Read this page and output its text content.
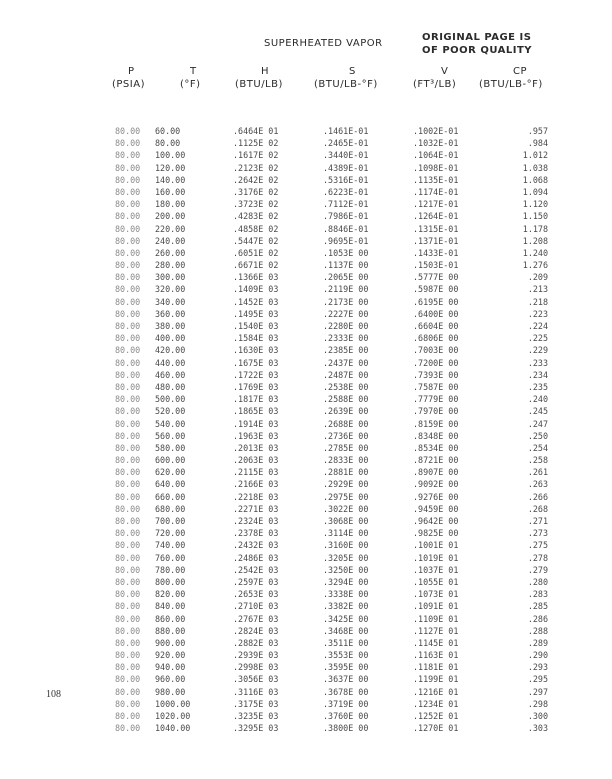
SUPERHEATED VAPOR
ORIGINAL PAGE IS
OF POOR QUALITY
P
(PSIA)
T
(°F)
H
(BTU/LB)
S
(BTU/LB-°F)
V
(FT³/LB)
CP
(BTU/LB-°F)
80.00 60.00	.6464E 01	.1461E-01	.1002E-01	.957
80.00 80.00	.1125E 02	.2465E-01	.1032E-01	.984
80.00 100.00	.1617E 02	.3440E-01	.1064E-01	1.012
80.00 120.00	.2123E 02	.4389E-01	.1098E-01	1.038
80.00 140.00	.2642E 02	.5316E-01	.1135E-01	1.068
80.00 160.00	.3176E 02	.6223E-01	.1174E-01	1.094
80.00 180.00	.3723E 02	.7112E-01	.1217E-01	1.120
80.00 200.00	.4283E 02	.7986E-01	.1264E-01	1.150
80.00 220.00	.4858E 02	.8846E-01	.1315E-01	1.178
80.00 240.00	.5447E 02	.9695E-01	.1371E-01	1.208
80.00 260.00	.6051E 02	.1053E 00	.1433E-01	1.240
80.00 280.00	.6671E 02	.1137E 00	.1503E-01	1.276
80.00 300.00	.1366E 03	.2065E 00	.5777E 00	.209
80.00 320.00	.1409E 03	.2119E 00	.5987E 00	.213
80.00 340.00	.1452E 03	.2173E 00	.6195E 00	.218
80.00 360.00	.1495E 03	.2227E 00	.6400E 00	.223
80.00 380.00	.1540E 03	.2280E 00	.6604E 00	.224
80.00 400.00	.1584E 03	.2333E 00	.6806E 00	.225
80.00 420.00	.1630E 03	.2385E 00	.7003E 00	.229
80.00 440.00	.1675E 03	.2437E 00	.7200E 00	.233
80.00 460.00	.1722E 03	.2487E 00	.7393E 00	.234
80.00 480.00	.1769E 03	.2538E 00	.7587E 00	.235
80.00 500.00	.1817E 03	.2588E 00	.7779E 00	.240
80.00 520.00	.1865E 03	.2639E 00	.7970E 00	.245
80.00 540.00	.1914E 03	.2688E 00	.8159E 00	.247
80.00 560.00	.1963E 03	.2736E 00	.8348E 00	.250
80.00 580.00	.2013E 03	.2785E 00	.8534E 00	.254
80.00 600.00	.2063E 03	.2833E 00	.8721E 00	.258
80.00 620.00	.2115E 03	.2881E 00	.8907E 00	.261
80.00 640.00	.2166E 03	.2929E 00	.9092E 00	.263
80.00 660.00	.2218E 03	.2975E 00	.9276E 00	.266
80.00 680.00	.2271E 03	.3022E 00	.9459E 00	.268
80.00 700.00	.2324E 03	.3068E 00	.9642E 00	.271
80.00 720.00	.2378E 03	.3114E 00	.9825E 00	.273
80.00 740.00	.2432E 03	.3160E 00	.1001E 01	.275
80.00 760.00	.2486E 03	.3205E 00	.1019E 01	.278
80.00 780.00	.2542E 03	.3250E 00	.1037E 01	.279
80.00 800.00	.2597E 03	.3294E 00	.1055E 01	.280
80.00 820.00	.2653E 03	.3338E 00	.1073E 01	.283
80.00 840.00	.2710E 03	.3382E 00	.1091E 01	.285
80.00 860.00	.2767E 03	.3425E 00	.1109E 01	.286
80.00 880.00	.2824E 03	.3468E 00	.1127E 01	.288
80.00 900.00	.2882E 03	.3511E 00	.1145E 01	.289
80.00 920.00	.2939E 03	.3553E 00	.1163E 01	.290
80.00 940.00	.2998E 03	.3595E 00	.1181E 01	.293
80.00 960.00	.3056E 03	.3637E 00	.1199E 01	.295
80.00 980.00	.3116E 03	.3678E 00	.1216E 01	.297
80.00 1000.00	.3175E 03	.3719E 00	.1234E 01	.298
80.00 1020.00	.3235E 03	.3760E 00	.1252E 01	.300
80.00 1040.00	.3295E 03	.3800E 00	.1270E 01	.303
108
